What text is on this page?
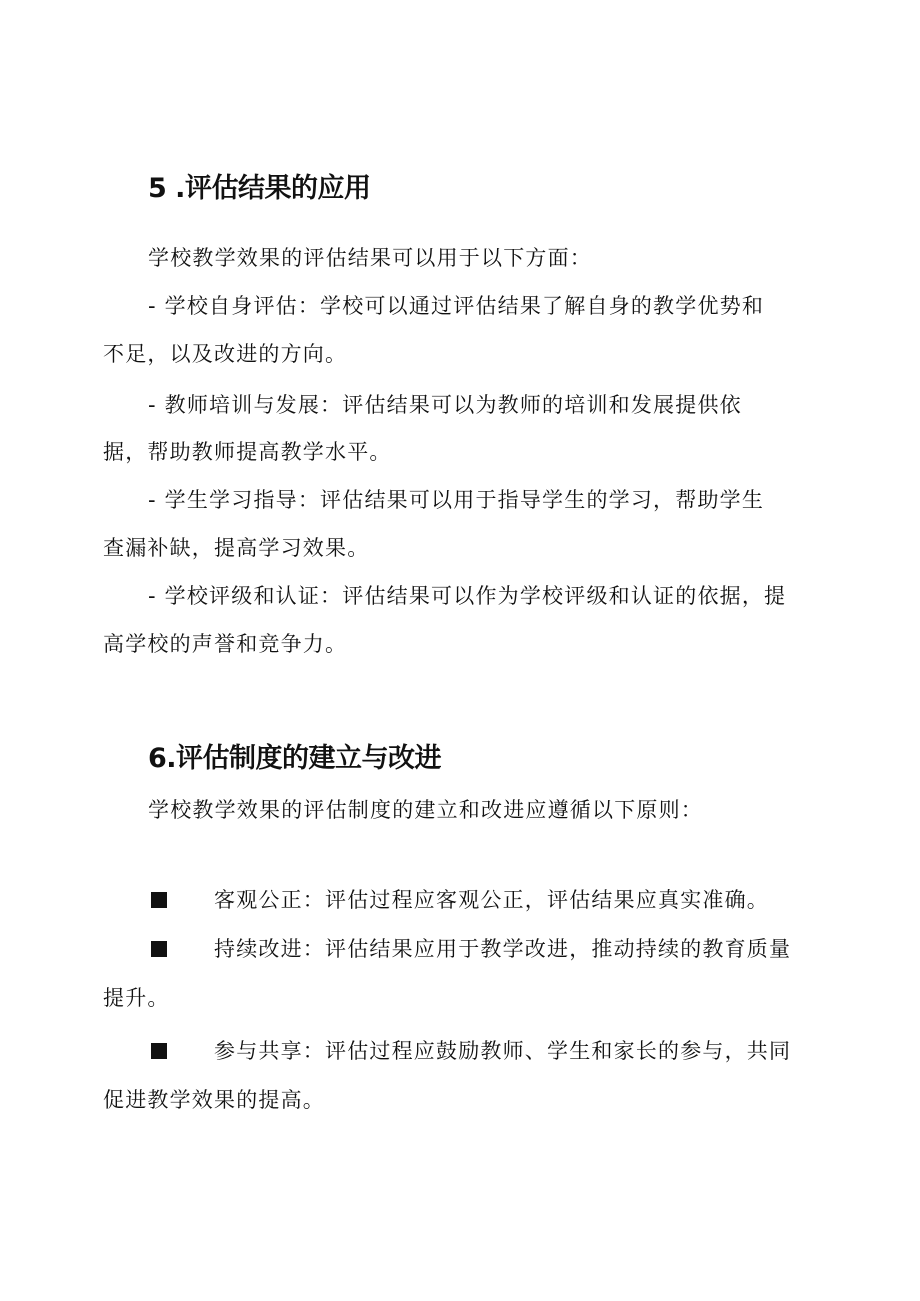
5 .评估结果的应用
学校教学效果的评估结果可以用于以下方面：
- 学校自身评估：学校可以通过评估结果了解自身的教学优势和
不足，以及改进的方向。
- 教师培训与发展：评估结果可以为教师的培训和发展提供依
据，帮助教师提高教学水平。
- 学生学习指导：评估结果可以用于指导学生的学习，帮助学生
查漏补缺，提高学习效果。
- 学校评级和认证：评估结果可以作为学校评级和认证的依据，提
高学校的声誉和竞争力。
6.评估制度的建立与改进
学校教学效果的评估制度的建立和改进应遵循以下原则：
客观公正：评估过程应客观公正，评估结果应真实准确。
持续改进：评估结果应用于教学改进，推动持续的教育质量
提升。
参与共享：评估过程应鼓励教师、学生和家长的参与，共同
促进教学效果的提高。
